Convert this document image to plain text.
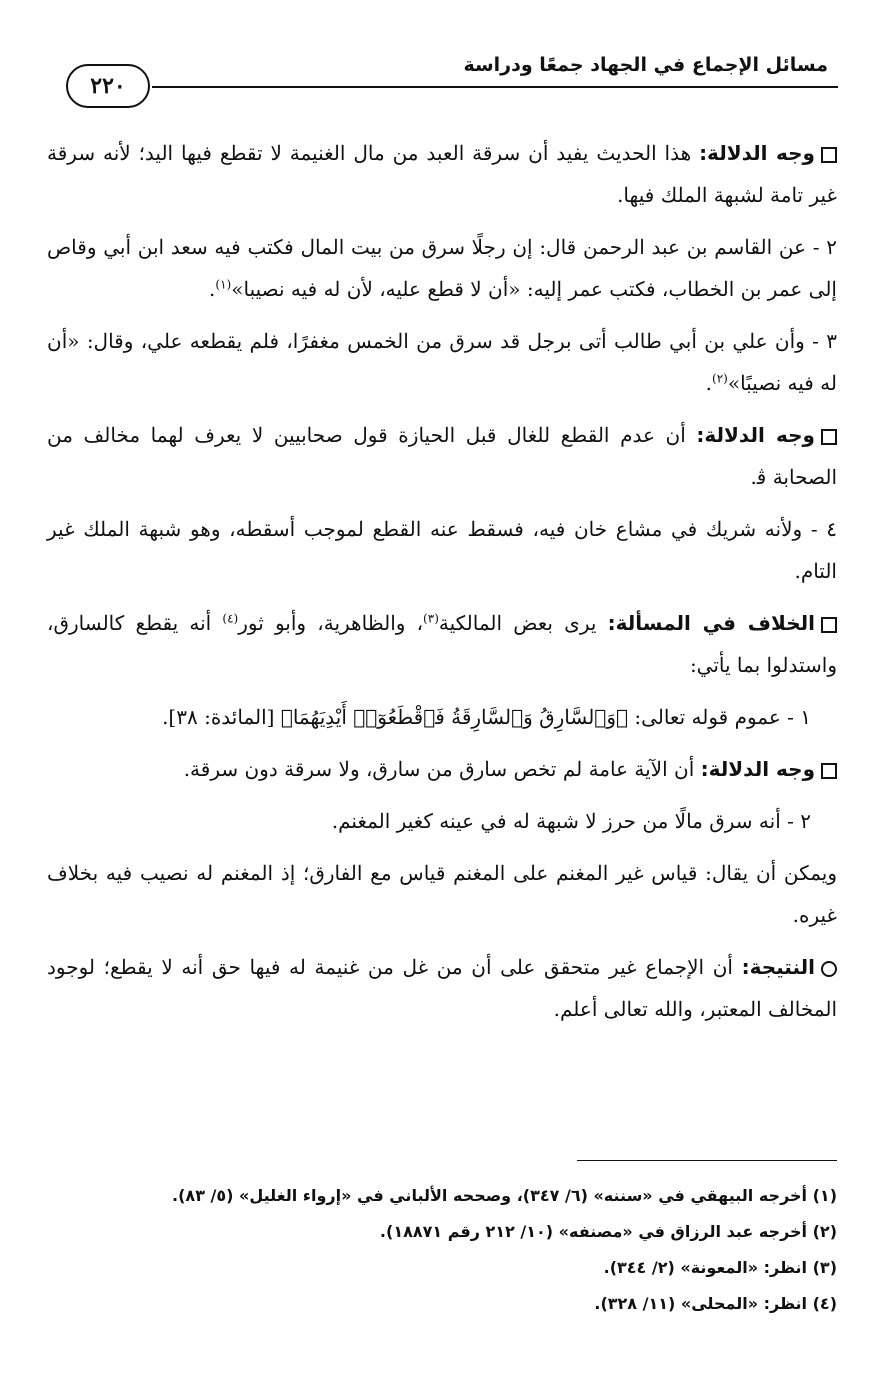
مسائل الإجماع في الجهاد جمعًا ودراسة
٢٢٠

وجه الدلالة: هذا الحديث يفيد أن سرقة العبد من مال الغنيمة لا تقطع فيها اليد؛ لأنه سرقة غير تامة لشبهة الملك فيها.

٢ - عن القاسم بن عبد الرحمن قال: إن رجلًا سرق من بيت المال فكتب فيه سعد ابن أبي وقاص إلى عمر بن الخطاب، فكتب عمر إليه: «أن لا قطع عليه، لأن له فيه نصيبا»$^{(١)}$.

٣ - وأن علي بن أبي طالب أتى برجل قد سرق من الخمس مغفرًا، فلم يقطعه علي، وقال: «أن له فيه نصيبًا»$^{(٢)}$.

وجه الدلالة: أن عدم القطع للغال قبل الحيازة قول صحابيين لا يعرف لهما مخالف من الصحابة ﭬ.

٤ - ولأنه شريك في مشاع خان فيه، فسقط عنه القطع لموجب أسقطه، وهو شبهة الملك غير التام.

الخلاف في المسألة: يرى بعض المالكية$^{(٣)}$، والظاهرية، وأبو ثور$^{(٤)}$ أنه يقطع كالسارق، واستدلوا بما يأتي:

١ - عموم قوله تعالى: ﴿وَٱلسَّارِقُ وَٱلسَّارِقَةُ فَٱقْطَعُوٓا۟ أَيْدِيَهُمَا﴾ [المائدة: ٣٨].

وجه الدلالة: أن الآية عامة لم تخص سارق من سارق، ولا سرقة دون سرقة.

٢ - أنه سرق مالًا من حرز لا شبهة له في عينه كغير المغنم.

ويمكن أن يقال: قياس غير المغنم على المغنم قياس مع الفارق؛ إذ المغنم له نصيب فيه بخلاف غيره.

النتيجة: أن الإجماع غير متحقق على أن من غل من غنيمة له فيها حق أنه لا يقطع؛ لوجود المخالف المعتبر، والله تعالى أعلم.

(١) أخرجه البيهقي في «سننه» (٦/ ٣٤٧)، وصححه الألباني في «إرواء الغليل» (٥/ ٨٣).

(٢) أخرجه عبد الرزاق في «مصنفه» (١٠/ ٢١٢ رقم ١٨٨٧١).

(٣) انظر: «المعونة» (٢/ ٣٤٤).

(٤) انظر: «المحلى» (١١/ ٣٢٨).
